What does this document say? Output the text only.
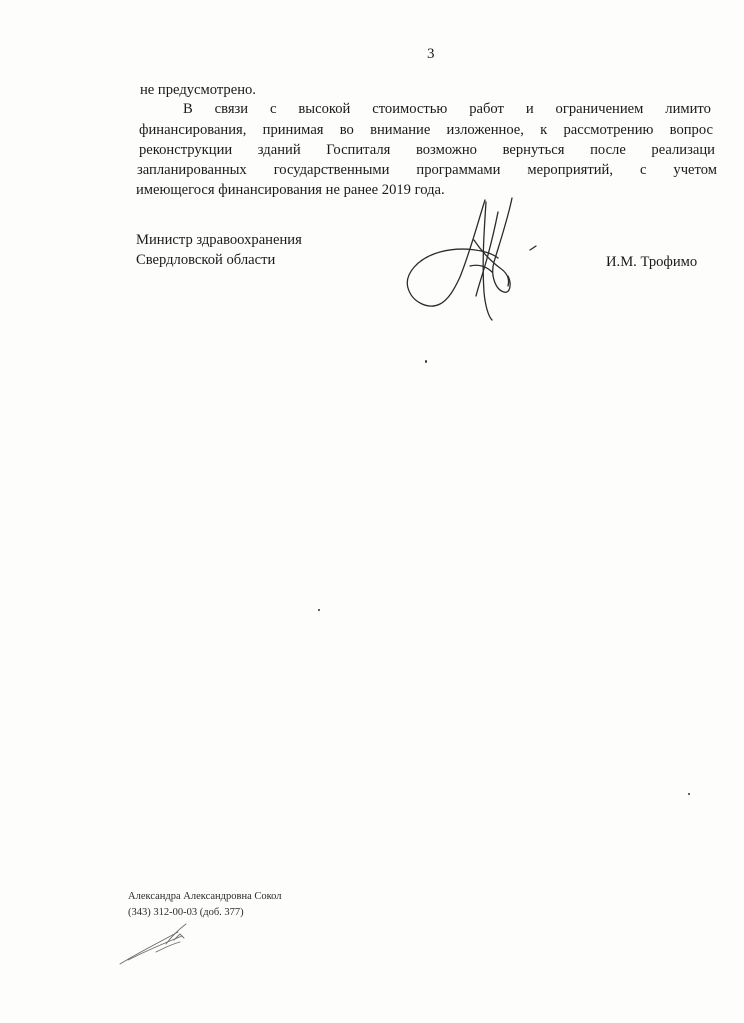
3
не предусмотрено.
В связи с высокой стоимостью работ и ограничением лимито
финансирования, принимая во внимание изложенное, к рассмотрению вопрос
реконструкции зданий Госпиталя возможно вернуться после реализаци
запланированных государственными программами мероприятий, с учетом
имеющегося финансирования не ранее 2019 года.
Министр здравоохранения
Свердловской области	И.М. Трофимо
Александра Александровна Сокол
(343) 312-00-03 (доб. 377)
